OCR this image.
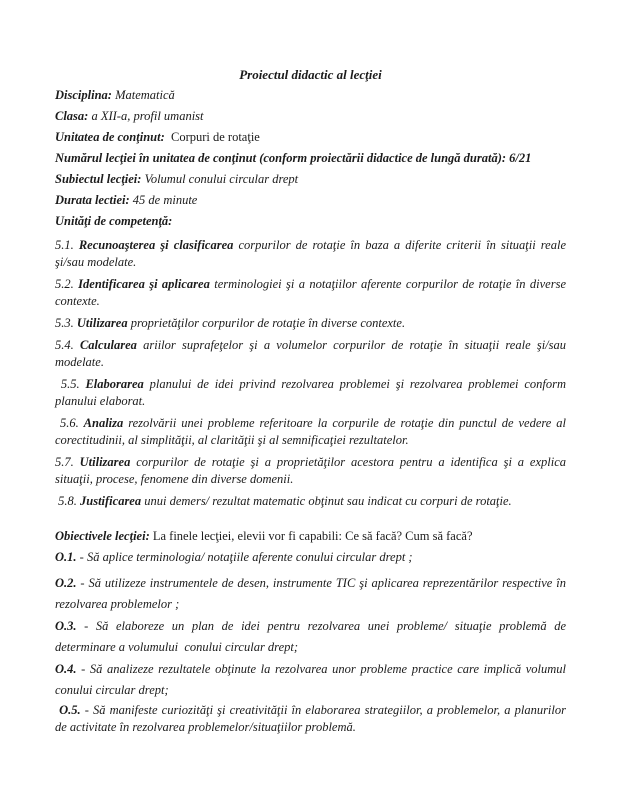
Proiectul didactic al lecţiei

Disciplina: Matematică

Clasa: a XII-a, profil umanist

Unitatea de conţinut:  Corpuri de rotaţie

Numărul lecţiei în unitatea de conţinut (conform proiectării didactice de lungă durată): 6/21

Subiectul lecţiei: Volumul conului circular drept

Durata lectiei: 45 de minute

Unităţi de competenţă:

5.1. Recunoaşterea şi clasificarea corpurilor de rotaţie în baza a diferite criterii în situaţii reale şi/sau modelate.

5.2. Identificarea şi aplicarea terminologiei şi a notaţiilor aferente corpurilor de rotaţie în diverse contexte.

5.3. Utilizarea proprietăţilor corpurilor de rotaţie în diverse contexte.

5.4. Calcularea ariilor suprafeţelor şi a volumelor corpurilor de rotaţie în situaţii reale şi/sau modelate.

5.5. Elaborarea planului de idei privind rezolvarea problemei şi rezolvarea problemei conform planului elaborat.

5.6. Analiza rezolvării unei probleme referitoare la corpurile de rotaţie din punctul de vedere al corectitudinii, al simplităţii, al clarităţii şi al semnificaţiei rezultatelor.

5.7. Utilizarea corpurilor de rotaţie şi a proprietăţilor acestora pentru a identifica şi a explica situaţii, procese, fenomene din diverse domenii.

5.8. Justificarea unui demers/ rezultat matematic obţinut sau indicat cu corpuri de rotaţie.

Obiectivele lecţiei: La finele lecţiei, elevii vor fi capabili: Ce să facă? Cum să facă?

O.1. - Să aplice terminologia/ notaţiile aferente conului circular drept ;

O.2. - Să utilizeze instrumentele de desen, instrumente TIC şi aplicarea reprezentărilor respective în rezolvarea problemelor ;

O.3. - Să elaboreze un plan de idei pentru rezolvarea unei probleme/ situaţie problemă de determinare a volumului  conului circular drept;

O.4. - Să analizeze rezultatele obţinute la rezolvarea unor probleme practice care implică volumul conului circular drept;

O.5. - Să manifeste curiozităţi şi creativităţii în elaborarea strategiilor, a problemelor, a planurilor de activitate în rezolvarea problemelor/situaţiilor problemă.
